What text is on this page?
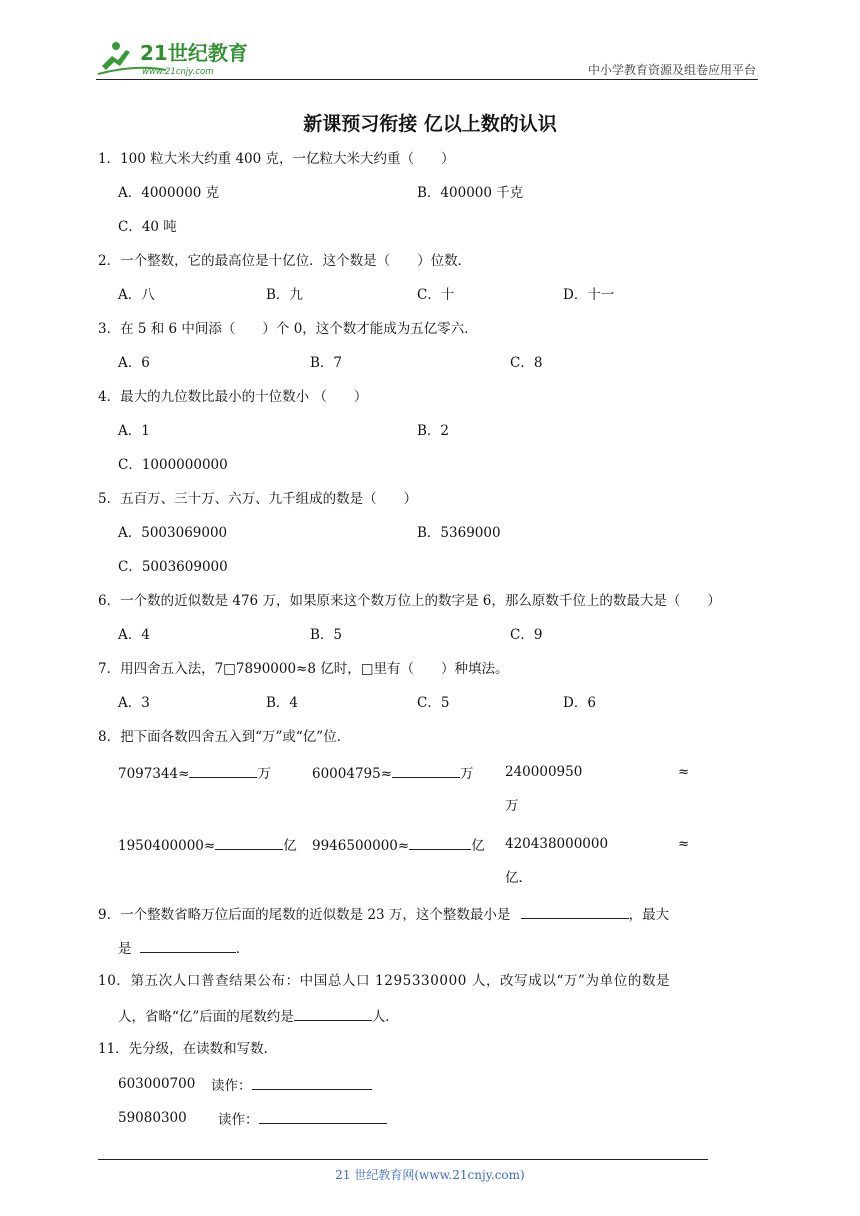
21世纪教育
www.21cnjy.com	中小学教育资源及组卷应用平台
新课预习衔接 亿以上数的认识
1．100 粒大米大约重 400 克，一亿粒大米大约重（　　）
A．4000000 克	B．400000 千克
C．40 吨
2．一个整数，它的最高位是十亿位．这个数是（　　）位数．
A．八	B．九	C．十	D．十一
3．在 5 和 6 中间添（　　）个 0，这个数才能成为五亿零六．
A．6	B．7	C．8
4．最大的九位数比最小的十位数小 （　　）
A．1	B．2
C．1000000000
5．五百万、三十万、六万、九千组成的数是（　　）
A．5003069000	B．5369000
C．5003609000
6．一个数的近似数是 476 万，如果原来这个数万位上的数字是 6，那么原数千位上的数最大是（　　）
A．4	B．5	C．9
7．用四舍五入法，7□7890000≈8 亿时，□里有（　　）种填法。
A．3	B．4	C．5	D．6
8．把下面各数四舍五入到“万”或“亿”位．
7097344≈	万	60004795≈	万 240000950	≈
万
1950400000≈	亿 9946500000≈	亿 420438000000	≈
亿．
9．一个整数省略万位后面的尾数的近似数是 23 万，这个整数最小是	，最大
是	．
10．第五次人口普查结果公布：中国总人口 1295330000 人，改写成以“万”为单位的数是
人，省略“亿”后面的尾数约是	人．
11．先分级，在读数和写数．
603000700 读作：
59080300 读作：
21 世纪教育网(www.21cnjy.com)
